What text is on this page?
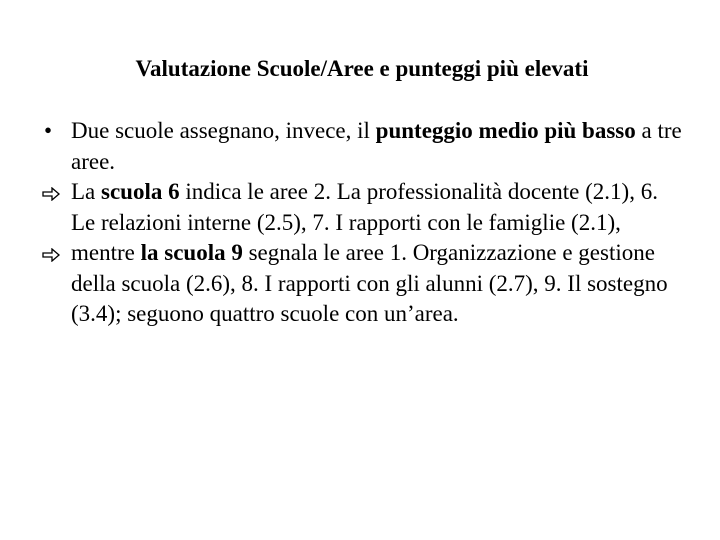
Valutazione Scuole/Aree e punteggi più elevati
• Due scuole assegnano, invece, il punteggio medio più basso a tre aree.
La scuola 6 indica le aree 2. La professionalità docente (2.1), 6. Le relazioni interne (2.5), 7. I rapporti con le famiglie (2.1),
mentre la scuola 9 segnala le aree 1. Organizzazione e gestione della scuola (2.6), 8. I rapporti con gli alunni (2.7), 9. Il sostegno (3.4); seguono quattro scuole con un’area.
